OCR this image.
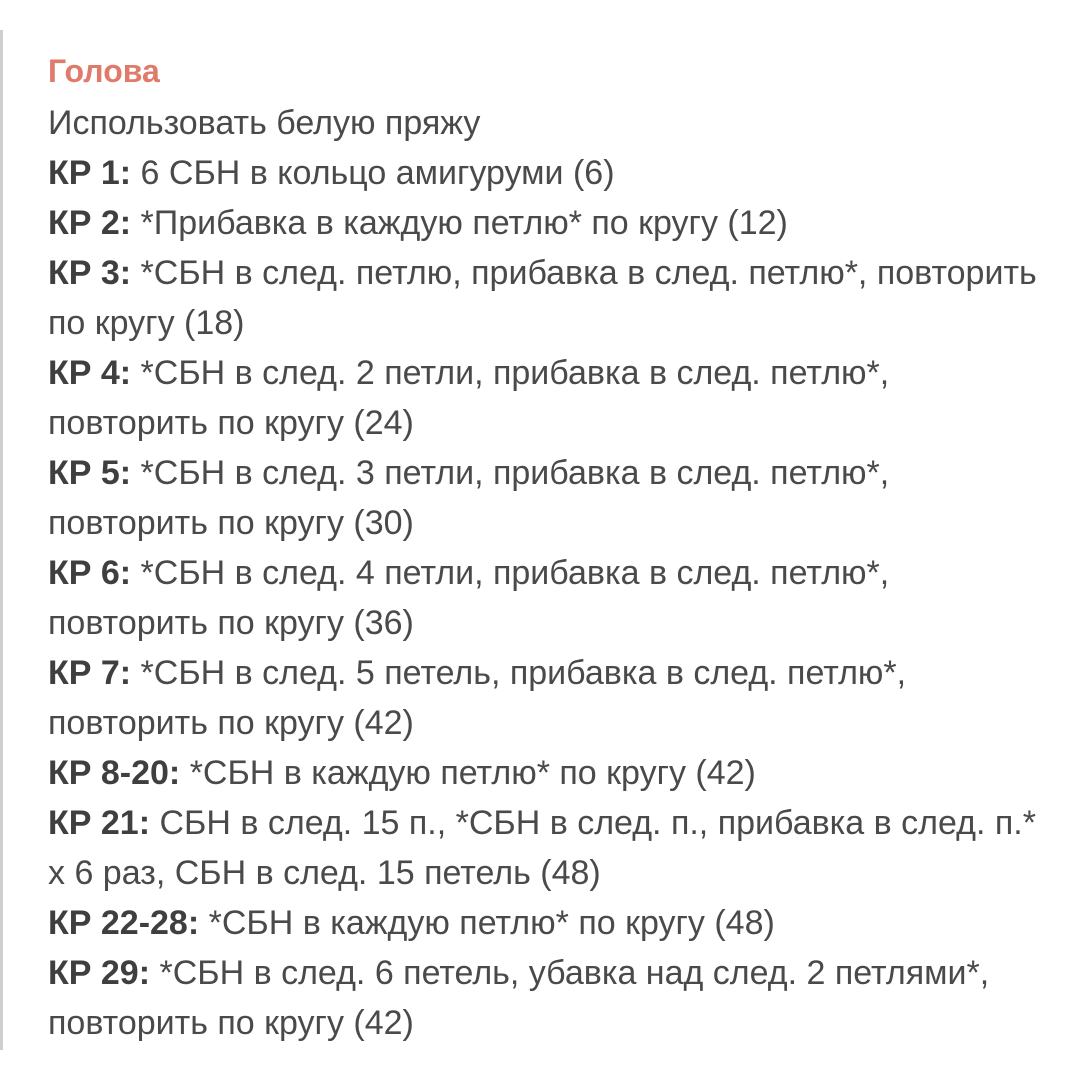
Голова

Использовать белую пряжу

КР 1: 6 СБН в кольцо амигуруми (6)

КР 2: *Прибавка в каждую петлю* по кругу (12)

КР 3: *СБН в след. петлю, прибавка в след. петлю*, повторить по кругу (18)

КР 4: *СБН в след. 2 петли, прибавка в след. петлю*, повторить по кругу (24)

КР 5: *СБН в след. 3 петли, прибавка в след. петлю*, повторить по кругу (30)

КР 6: *СБН в след. 4 петли, прибавка в след. петлю*, повторить по кругу (36)

КР 7: *СБН в след. 5 петель, прибавка в след. петлю*, повторить по кругу (42)

КР 8-20: *СБН в каждую петлю* по кругу (42)

КР 21: СБН в след. 15 п., *СБН в след. п., прибавка в след. п.* х 6 раз, СБН в след. 15 петель (48)

КР 22-28: *СБН в каждую петлю* по кругу (48)

КР 29: *СБН в след. 6 петель, убавка над след. 2 петлями*, повторить по кругу (42)
